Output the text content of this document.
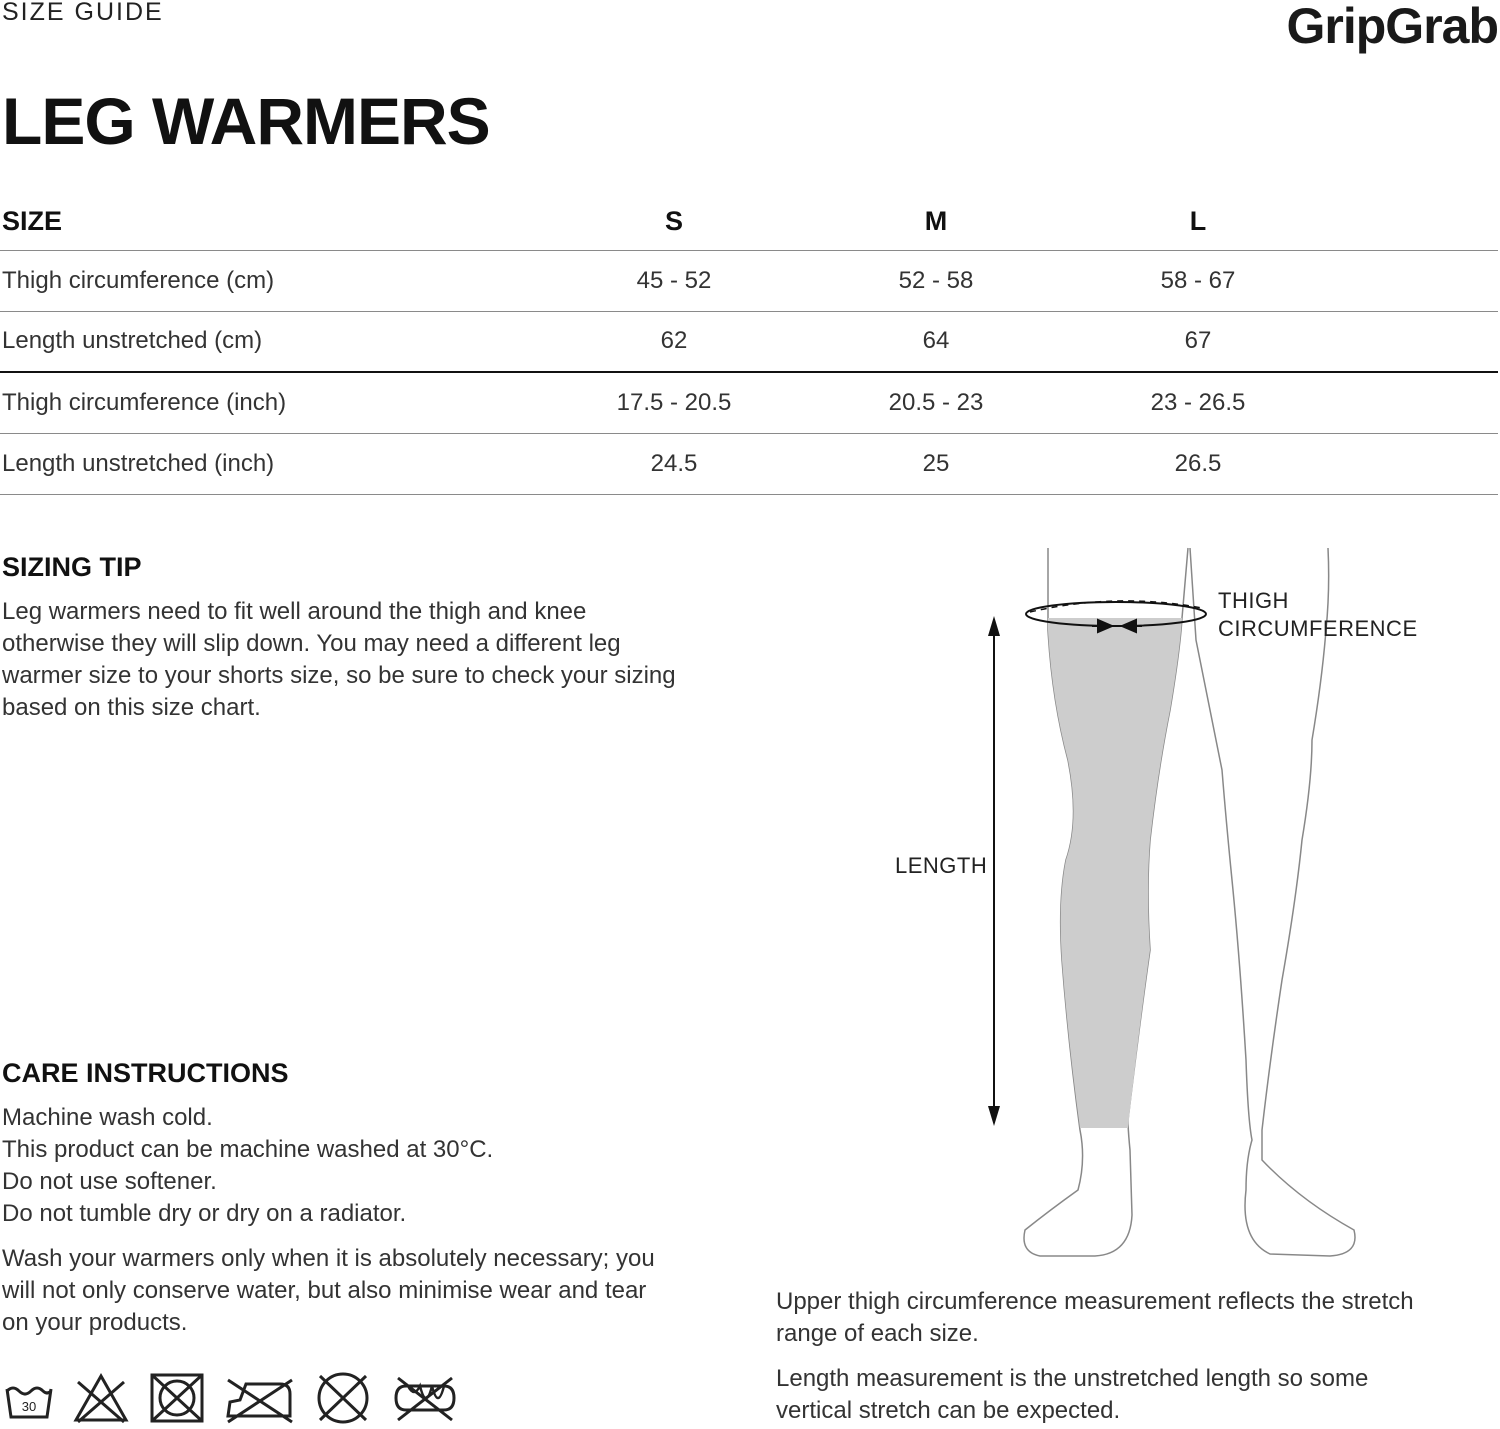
SIZE GUIDE	GripGrab
LEG WARMERS
SIZE	S	M	L	
Thigh circumference (cm)	45 - 52	52 - 58	58 - 67	
Length unstretched (cm)	62	64	67	
Thigh circumference (inch)	17.5 - 20.5	20.5 - 23	23 - 26.5	
Length unstretched (inch)	24.5	25	26.5	
SIZING TIP
Leg warmers need to fit well around the thigh and knee
otherwise they will slip down. You may need a different leg
warmer size to your shorts size, so be sure to check your sizing
based on this size chart.
CARE INSTRUCTIONS
Machine wash cold.
This product can be machine washed at 30°C.
Do not use softener.
Do not tumble dry or dry on a radiator.
Wash your warmers only when it is absolutely necessary; you
will not only conserve water, but also minimise wear and tear
on your products.
30
THIGH
CIRCUMFERENCE
LENGTH
Upper thigh circumference measurement reflects the stretch
range of each size.
Length measurement is the unstretched length so some
vertical stretch can be expected.
